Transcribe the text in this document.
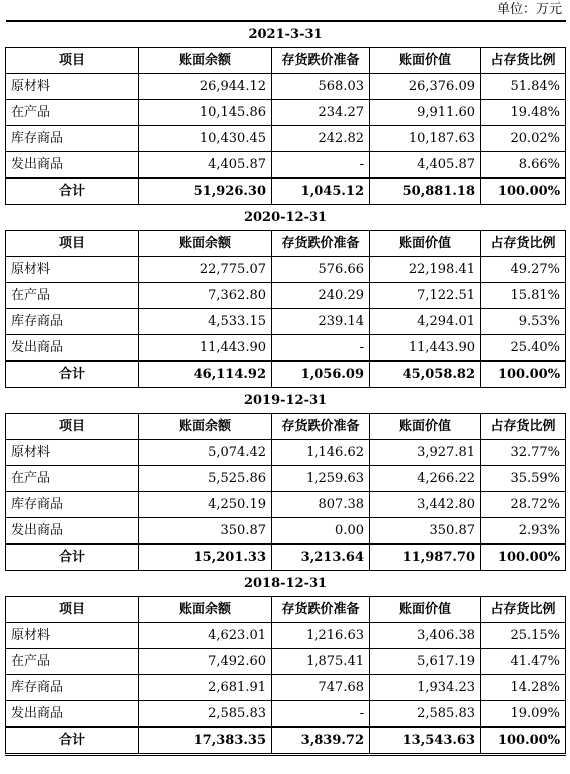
单位：万元
2021-3-31				
项目	账面余额	存货跌价准备	账面价值	占存货比例
原材料	26,944.12	568.03	26,376.09	51.84%
在产品	10,145.86	234.27	9,911.60	19.48%
库存商品	10,430.45	242.82	10,187.63	20.02%
发出商品	4,405.87	-	4,405.87	8.66%
合计	51,926.30	1,045.12	50,881.18	100.00%
2020-12-31				
项目	账面余额	存货跌价准备	账面价值	占存货比例
原材料	22,775.07	576.66	22,198.41	49.27%
在产品	7,362.80	240.29	7,122.51	15.81%
库存商品	4,533.15	239.14	4,294.01	9.53%
发出商品	11,443.90	-	11,443.90	25.40%
合计	46,114.92	1,056.09	45,058.82	100.00%
2019-12-31				
项目	账面余额	存货跌价准备	账面价值	占存货比例
原材料	5,074.42	1,146.62	3,927.81	32.77%
在产品	5,525.86	1,259.63	4,266.22	35.59%
库存商品	4,250.19	807.38	3,442.80	28.72%
发出商品	350.87	0.00	350.87	2.93%
合计	15,201.33	3,213.64	11,987.70	100.00%
2018-12-31				
项目	账面余额	存货跌价准备	账面价值	占存货比例
原材料	4,623.01	1,216.63	3,406.38	25.15%
在产品	7,492.60	1,875.41	5,617.19	41.47%
库存商品	2,681.91	747.68	1,934.23	14.28%
发出商品	2,585.83	-	2,585.83	19.09%
合计	17,383.35	3,839.72	13,543.63	100.00%
